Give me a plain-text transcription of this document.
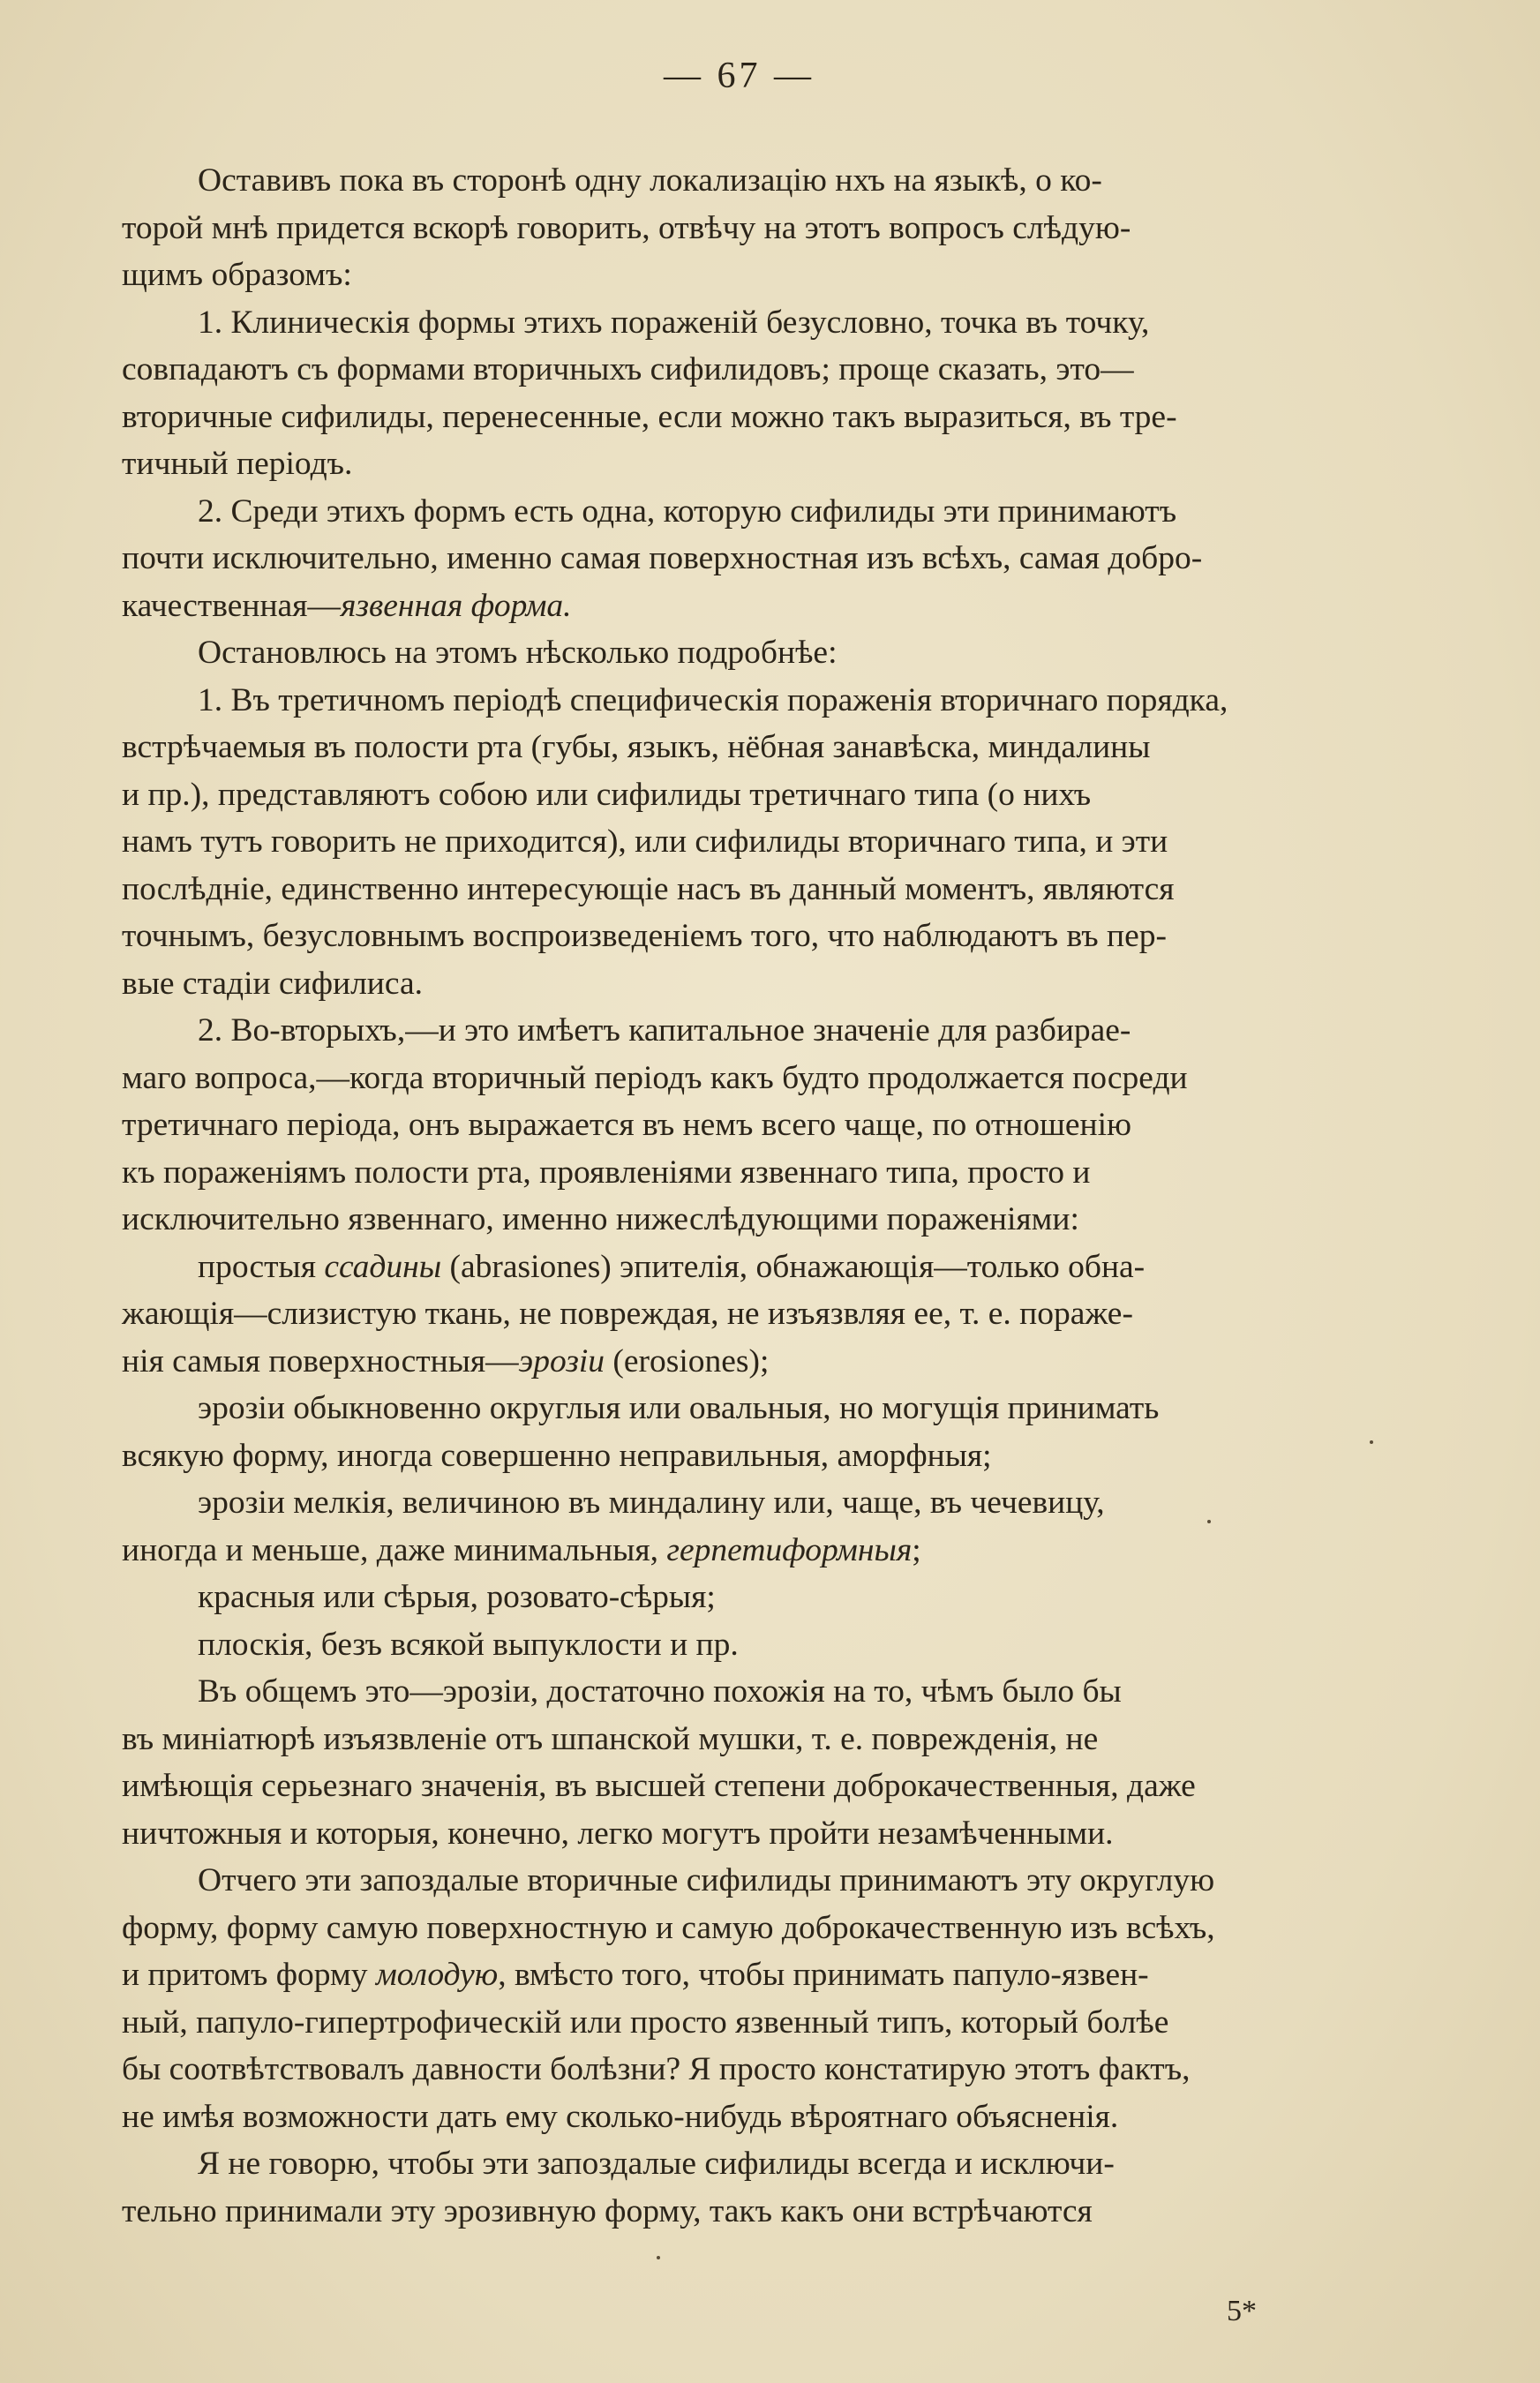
— 67 —

Оставивъ пока въ сторонѣ одну локализацію нхъ на языкѣ, о ко-

торой мнѣ придется вскорѣ говорить, отвѣчу на этотъ вопросъ слѣдую-

щимъ образомъ:

1. Клиническія формы этихъ пораженій безусловно, точка въ точку,

совпадаютъ съ формами вторичныхъ сифилидовъ; проще сказать, это—

вторичные сифилиды, перенесенные, если можно такъ выразиться, въ тре-

тичный періодъ.

2. Среди этихъ формъ есть одна, которую сифилиды эти принимаютъ

почти исключительно, именно самая поверхностная изъ всѣхъ, самая добро-

качественная—язвенная форма.

Остановлюсь на этомъ нѣсколько подробнѣе:

1. Въ третичномъ періодѣ специфическія пораженія вторичнаго порядка,

встрѣчаемыя въ полости рта (губы, языкъ, нёбная занавѣска, миндалины

и пр.), представляютъ собою или сифилиды третичнаго типа (о нихъ

намъ тутъ говорить не приходится), или сифилиды вторичнаго типа, и эти

послѣдніе, единственно интересующіе насъ въ данный моментъ, являются

точнымъ, безусловнымъ воспроизведеніемъ того, что наблюдаютъ въ пер-

вые стадіи сифилиса.

2. Во-вторыхъ,—и это имѣетъ капитальное значеніе для разбирае-

маго вопроса,—когда вторичный періодъ какъ будто продолжается посреди

третичнаго періода, онъ выражается въ немъ всего чаще, по отношенію

къ пораженіямъ полости рта, проявленіями язвеннаго типа, просто и

исключительно язвеннаго, именно нижеслѣдующими пораженіями:

простыя ссадины (abrasiones) эпителія, обнажающія—только обна-

жающія—слизистую ткань, не повреждая, не изъязвляя ее, т. е. пораже-

нія самыя поверхностныя—эрозіи (erosiones);

эрозіи обыкновенно округлыя или овальныя, но могущія принимать

всякую форму, иногда совершенно неправильныя, аморфныя;

эрозіи мелкія, величиною въ миндалину или, чаще, въ чечевицу,

иногда и меньше, даже минимальныя, герпетиформныя;

красныя или сѣрыя, розовато-сѣрыя;

плоскія, безъ всякой выпуклости и пр.

Въ общемъ это—эрозіи, достаточно похожія на то, чѣмъ было бы

въ миніатюрѣ изъязвленіе отъ шпанской мушки, т. е. поврежденія, не

имѣющія серьезнаго значенія, въ высшей степени доброкачественныя, даже

ничтожныя и которыя, конечно, легко могутъ пройти незамѣченными.

Отчего эти запоздалые вторичные сифилиды принимаютъ эту округлую

форму, форму самую поверхностную и самую доброкачественную изъ всѣхъ,

и притомъ форму молодую, вмѣсто того, чтобы принимать папуло-язвен-

ный, папуло-гипертрофическій или просто язвенный типъ, который болѣе

бы соотвѣтствовалъ давности болѣзни? Я просто констатирую этотъ фактъ,

не имѣя возможности дать ему сколько-нибудь вѣроятнаго объясненія.

Я не говорю, чтобы эти запоздалые сифилиды всегда и исключи-

тельно принимали эту эрозивную форму, такъ какъ они встрѣчаются

5*
